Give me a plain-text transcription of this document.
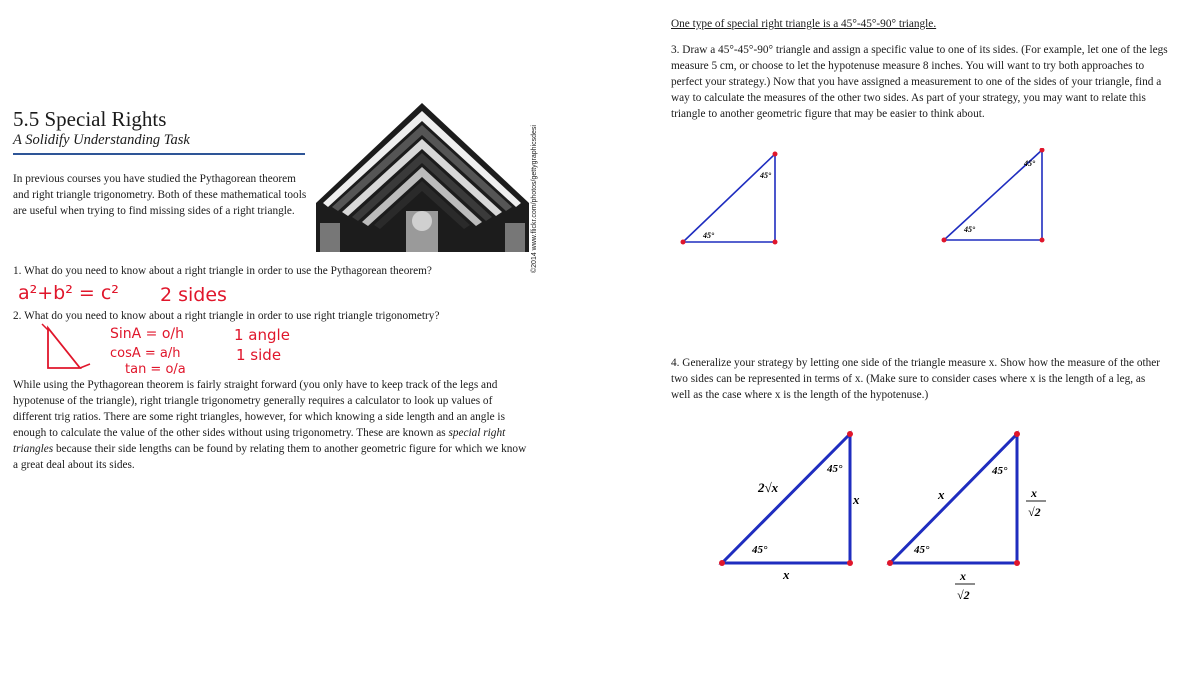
5.5 Special Rights
A Solidify Understanding Task
In previous courses you have studied the Pythagorean theorem and right triangle trigonometry. Both of these mathematical tools are useful when trying to find missing sides of a right triangle.	©2014 www.flickr.com/photos/gettygraphicsdesi
1. What do you need to know about a right triangle in order to use the Pythagorean theorem?
a²+b² = c² 2 sides
2. What do you need to know about a right triangle in order to use right triangle trigonometry?
SinA = o/h
cosA = a/h
tan = o/a
1 angle
1 side
While using the Pythagorean theorem is fairly straight forward (you only have to keep track of the legs and hypotenuse of the triangle), right triangle trigonometry generally requires a calculator to look up values of different trig ratios. There are some right triangles, however, for which knowing a side length and an angle is enough to calculate the value of the other sides without using trigonometry. These are known as special right triangles because their side lengths can be found by relating them to another geometric figure for which we know a great deal about its sides.
One type of special right triangle is a 45°-45°-90° triangle.
3. Draw a 45°-45°-90° triangle and assign a specific value to one of its sides. (For example, let one of the legs measure 5 cm, or choose to let the hypotenuse measure 8 inches. You will want to try both approaches to perfect your strategy.) Now that you have assigned a measurement to one of the sides of your triangle, find a way to calculate the measures of the other two sides. As part of your strategy, you may want to relate this triangle to another geometric figure that may be easier to think about.
45°
45°
45°
45°
4. Generalize your strategy by letting one side of the triangle measure x. Show how the measure of the other two sides can be represented in terms of x. (Make sure to consider cases where x is the length of a leg, as well as the case where x is the length of the hypotenuse.)
2√x
45°
45°
x
x
x
45°
45°
x
√2
x
√2
